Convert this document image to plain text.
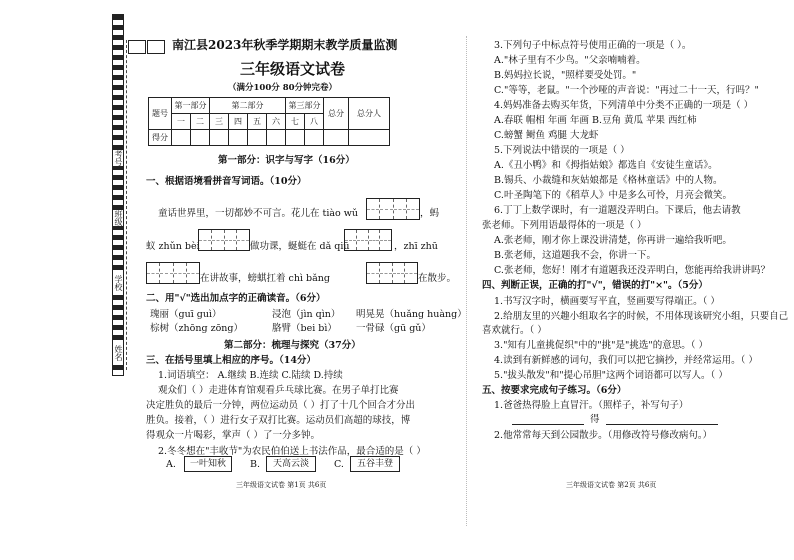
考号
班级
学校
姓名
南江县2023年秋季学期期末教学质量监测
三年级语文试卷
（满分100分 80分钟完卷）
题号	第一部分		第二部分				第三部分		总分	总分人
	一	二	三	四	五	六	七	八		
得分										
第一部分：识字与写字（16分）
一、根据语境看拼音写词语。（10分）
童话世界里，一切都妙不可言。花儿在 tiào wǔ	，蚂
蚁 zhǔn bèi	做功课，蜒蜓在 dǎ qiū	，zhī zhū
在讲故事，螃蜞扛着 chì bǎng	在散步。
二、用"√"选出加点字的正确读音。（6分）
瑰丽（guī guì）	浸泡（jìn qìn） 明晃晃（huǎng huàng）
棕树（zhōng zōng）	胳臂（bei bì） 一骨碌（gū gǔ）
第二部分：梳理与探究（37分）
三、在括号里填上相应的序号。（14分）
1.词语填空： A.继续 B.连续 C.陆续 D.持续
观众们（ ）走进体育馆观看乒乓球比赛。在男子单打比赛
决定胜负的最后一分钟，两位运动员（ ）打了十几个回合才分出
胜负。接着，（ ）进行女子双打比赛。运动员们高超的球技，博
得观众一片喝彩，掌声（ ）了一分多钟。
2.冬冬想在"丰收节"为农民伯伯送上书法作品，最合适的是（ ）
A.	一叶知秋	B.	天高云淡	C.	五谷丰登
三年级语文试卷 第1页 共6页
3.下列句子中标点符号使用正确的一项是（ ）。
A."林子里有不少鸟。"父亲喃喃着。
B.妈妈拉长说，"照样要受处罚。"
C."等等，老鼠。"一个沙哑的声音说："再过二十一天，行吗？"
4.妈妈准备去购买年货，下列清单中分类不正确的一项是（ ）
A.春联 帽相 年画 年画 B.豆角 黄瓜 苹果 西红柿
C.螃蟹 鲥鱼 鸡腿 大龙虾
5.下列说法中错误的一项是（ ）
A.《丑小鸭》和《拇指姑娘》都选自《安徒生童话》。
B.锡兵、小裁缝和灰姑娘都是《格林童话》中的人物。
C.叶圣陶笔下的《稻草人》中是多么可怜，月亮会微笑。
6.丁丁上数学课时，有一道题没弄明白。下课后，他去请教
张老师。下列用语最得体的一项是（ ）
A.张老师，刚才你上课没讲清楚，你再讲一遍给我听吧。
B.张老师，这道题我不会，你讲一下。
C.张老师，您好！刚才有道题我还没弄明白，您能再给我讲讲吗？
四、判断正误，正确的打"√"，错误的打"×"。（5分）
1.书写汉字时，横画要写平直，竖画要写得端正。（ ）
2.给朋友里的兴趣小组取名字的时候，不用体现该研究小组，只要自己
喜欢就行。（ ）
3."知有儿童挑促织"中的"挑"是"挑选"的意思。（ ）
4.读到有新鲜感的词句，我们可以把它摘抄，并经常运用。（ ）
5."拔头散发"和"提心吊胆"这两个词语都可以写人。（ ）
五、按要求完成句子练习。（6分）
1.爸爸热得脸上直冒汗。（照样子，补写句子）
得
2.他常常每天到公园散步。（用修改符号修改病句。）
三年级语文试卷 第2页 共6页
